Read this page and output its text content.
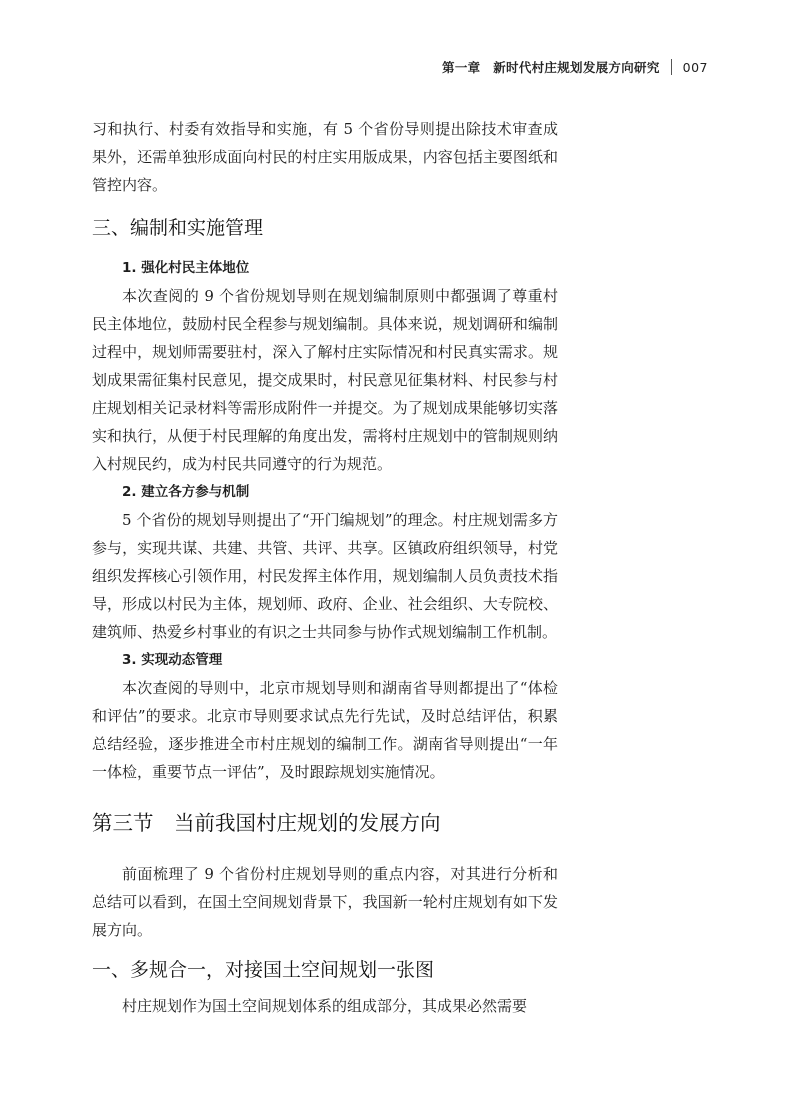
第一章　新时代村庄规划发展方向研究 007

习和执行、村委有效指导和实施，有 5 个省份导则提出除技术审查成果外，还需单独形成面向村民的村庄实用版成果，内容包括主要图纸和管控内容。

三、编制和实施管理
1. 强化村民主体地位

本次查阅的 9 个省份规划导则在规划编制原则中都强调了尊重村民主体地位，鼓励村民全程参与规划编制。具体来说，规划调研和编制过程中，规划师需要驻村，深入了解村庄实际情况和村民真实需求。规划成果需征集村民意见，提交成果时，村民意见征集材料、村民参与村庄规划相关记录材料等需形成附件一并提交。为了规划成果能够切实落实和执行，从便于村民理解的角度出发，需将村庄规划中的管制规则纳入村规民约，成为村民共同遵守的行为规范。

2. 建立各方参与机制

5 个省份的规划导则提出了“开门编规划”的理念。村庄规划需多方参与，实现共谋、共建、共管、共评、共享。区镇政府组织领导，村党组织发挥核心引领作用，村民发挥主体作用，规划编制人员负责技术指导，形成以村民为主体，规划师、政府、企业、社会组织、大专院校、建筑师、热爱乡村事业的有识之士共同参与协作式规划编制工作机制。

3. 实现动态管理

本次查阅的导则中，北京市规划导则和湖南省导则都提出了“体检和评估”的要求。北京市导则要求试点先行先试，及时总结评估，积累总结经验，逐步推进全市村庄规划的编制工作。湖南省导则提出“一年一体检，重要节点一评估”，及时跟踪规划实施情况。

第三节　当前我国村庄规划的发展方向

前面梳理了 9 个省份村庄规划导则的重点内容，对其进行分析和总结可以看到，在国土空间规划背景下，我国新一轮村庄规划有如下发展方向。

一、多规合一，对接国土空间规划一张图

村庄规划作为国土空间规划体系的组成部分，其成果必然需要
